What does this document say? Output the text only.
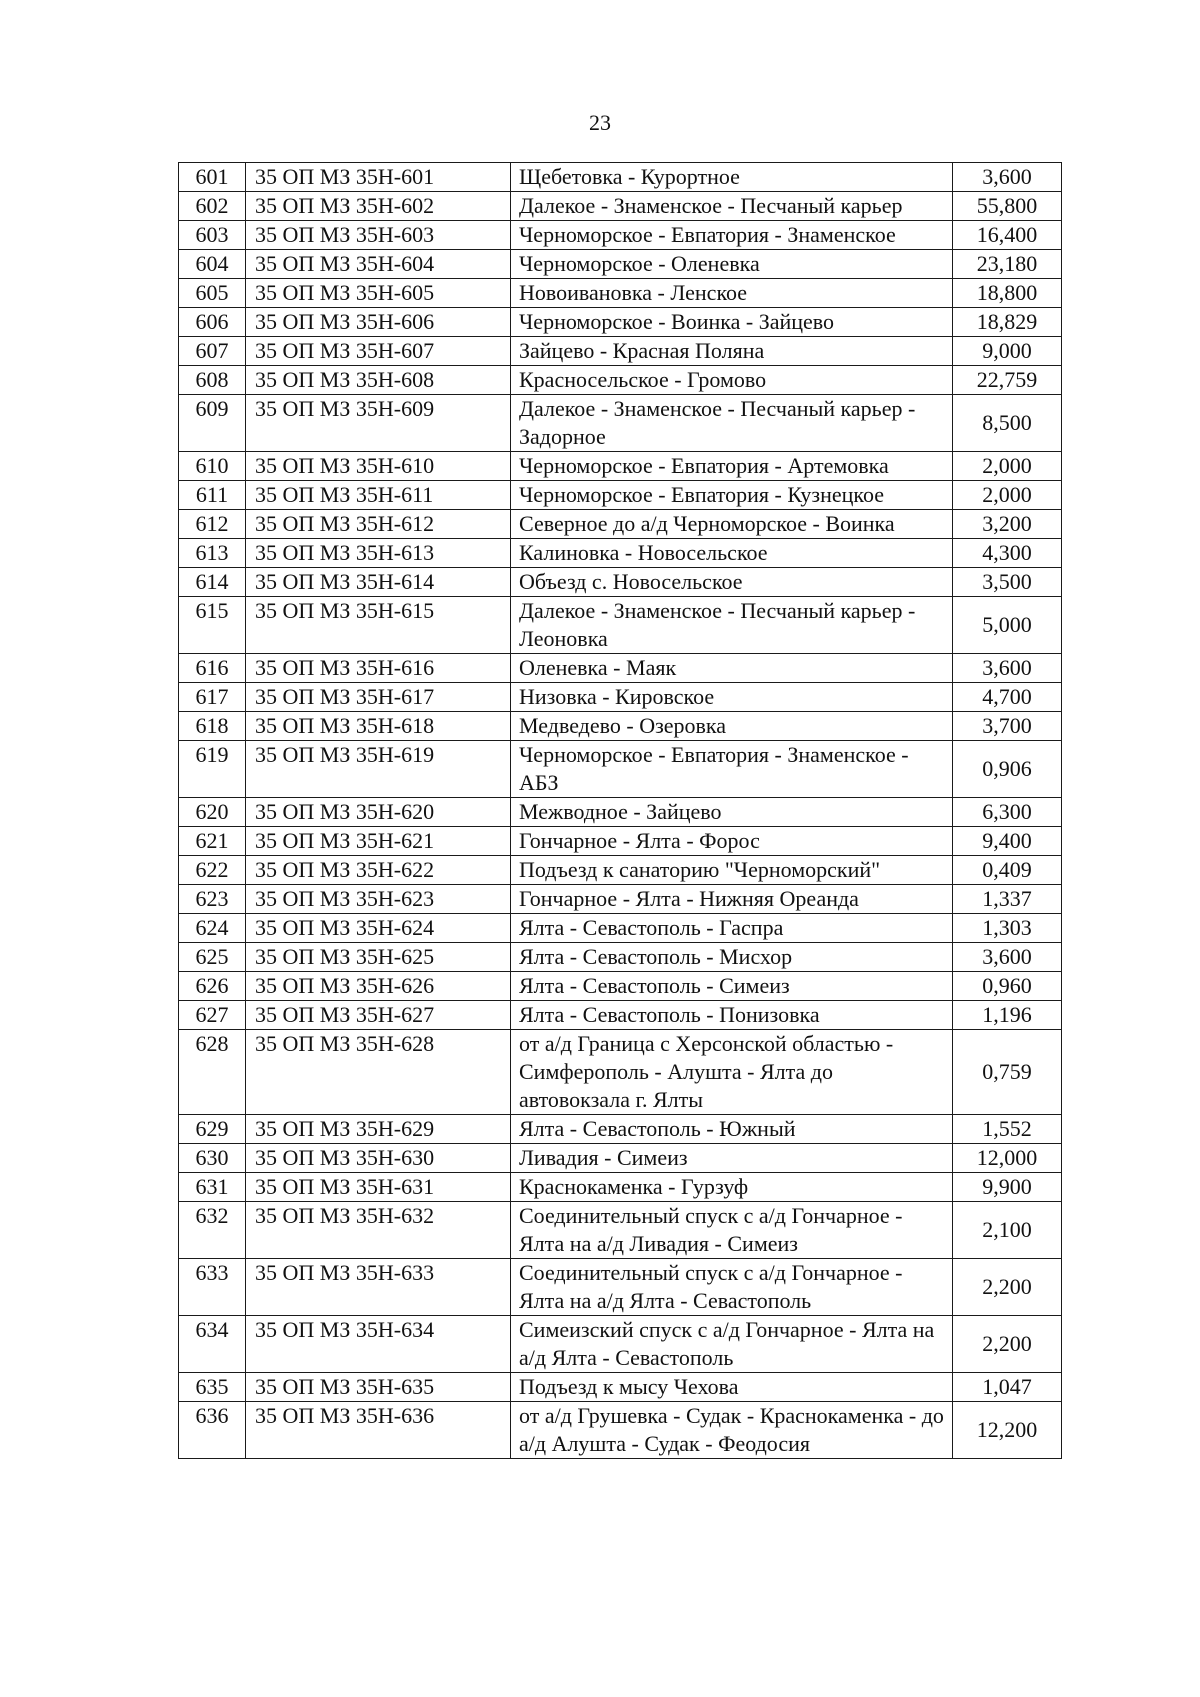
23
601	35 ОП МЗ 35Н-601	Щебетовка - Курортное	3,600
602	35 ОП МЗ 35Н-602	Далекое - Знаменское - Песчаный карьер	55,800
603	35 ОП МЗ 35Н-603	Черноморское - Евпатория - Знаменское	16,400
604	35 ОП МЗ 35Н-604	Черноморское - Оленевка	23,180
605	35 ОП МЗ 35Н-605	Новоивановка - Ленское	18,800
606	35 ОП МЗ 35Н-606	Черноморское - Воинка - Зайцево	18,829
607	35 ОП МЗ 35Н-607	Зайцево - Красная Поляна	9,000
608	35 ОП МЗ 35Н-608	Красносельское - Громово	22,759
609	35 ОП МЗ 35Н-609	Далекое - Знаменское - Песчаный карьер - Задорное	8,500
610	35 ОП МЗ 35Н-610	Черноморское - Евпатория - Артемовка	2,000
611	35 ОП МЗ 35Н-611	Черноморское - Евпатория - Кузнецкое	2,000
612	35 ОП МЗ 35Н-612	Северное до а/д Черноморское - Воинка	3,200
613	35 ОП МЗ 35Н-613	Калиновка - Новосельское	4,300
614	35 ОП МЗ 35Н-614	Объезд с. Новосельское	3,500
615	35 ОП МЗ 35Н-615	Далекое - Знаменское - Песчаный карьер - Леоновка	5,000
616	35 ОП МЗ 35Н-616	Оленевка - Маяк	3,600
617	35 ОП МЗ 35Н-617	Низовка - Кировское	4,700
618	35 ОП МЗ 35Н-618	Медведево - Озеровка	3,700
619	35 ОП МЗ 35Н-619	Черноморское - Евпатория - Знаменское - АБЗ	0,906
620	35 ОП МЗ 35Н-620	Межводное - Зайцево	6,300
621	35 ОП МЗ 35Н-621	Гончарное - Ялта - Форос	9,400
622	35 ОП МЗ 35Н-622	Подъезд к санаторию "Черноморский"	0,409
623	35 ОП МЗ 35Н-623	Гончарное - Ялта - Нижняя Ореанда	1,337
624	35 ОП МЗ 35Н-624	Ялта - Севастополь - Гаспра	1,303
625	35 ОП МЗ 35Н-625	Ялта - Севастополь - Мисхор	3,600
626	35 ОП МЗ 35Н-626	Ялта - Севастополь - Симеиз	0,960
627	35 ОП МЗ 35Н-627	Ялта - Севастополь - Понизовка	1,196
628	35 ОП МЗ 35Н-628	от а/д Граница с Херсонской областью - Симферополь - Алушта - Ялта до автовокзала г. Ялты	0,759
629	35 ОП МЗ 35Н-629	Ялта - Севастополь - Южный	1,552
630	35 ОП МЗ 35Н-630	Ливадия - Симеиз	12,000
631	35 ОП МЗ 35Н-631	Краснокаменка - Гурзуф	9,900
632	35 ОП МЗ 35Н-632	Соединительный спуск с а/д Гончарное - Ялта на а/д Ливадия - Симеиз	2,100
633	35 ОП МЗ 35Н-633	Соединительный спуск с а/д Гончарное - Ялта на а/д Ялта - Севастополь	2,200
634	35 ОП МЗ 35Н-634	Симеизский спуск с а/д Гончарное - Ялта на а/д Ялта - Севастополь	2,200
635	35 ОП МЗ 35Н-635	Подъезд к мысу Чехова	1,047
636	35 ОП МЗ 35Н-636	от а/д Грушевка - Судак - Краснокаменка - до а/д Алушта - Судак - Феодосия	12,200
